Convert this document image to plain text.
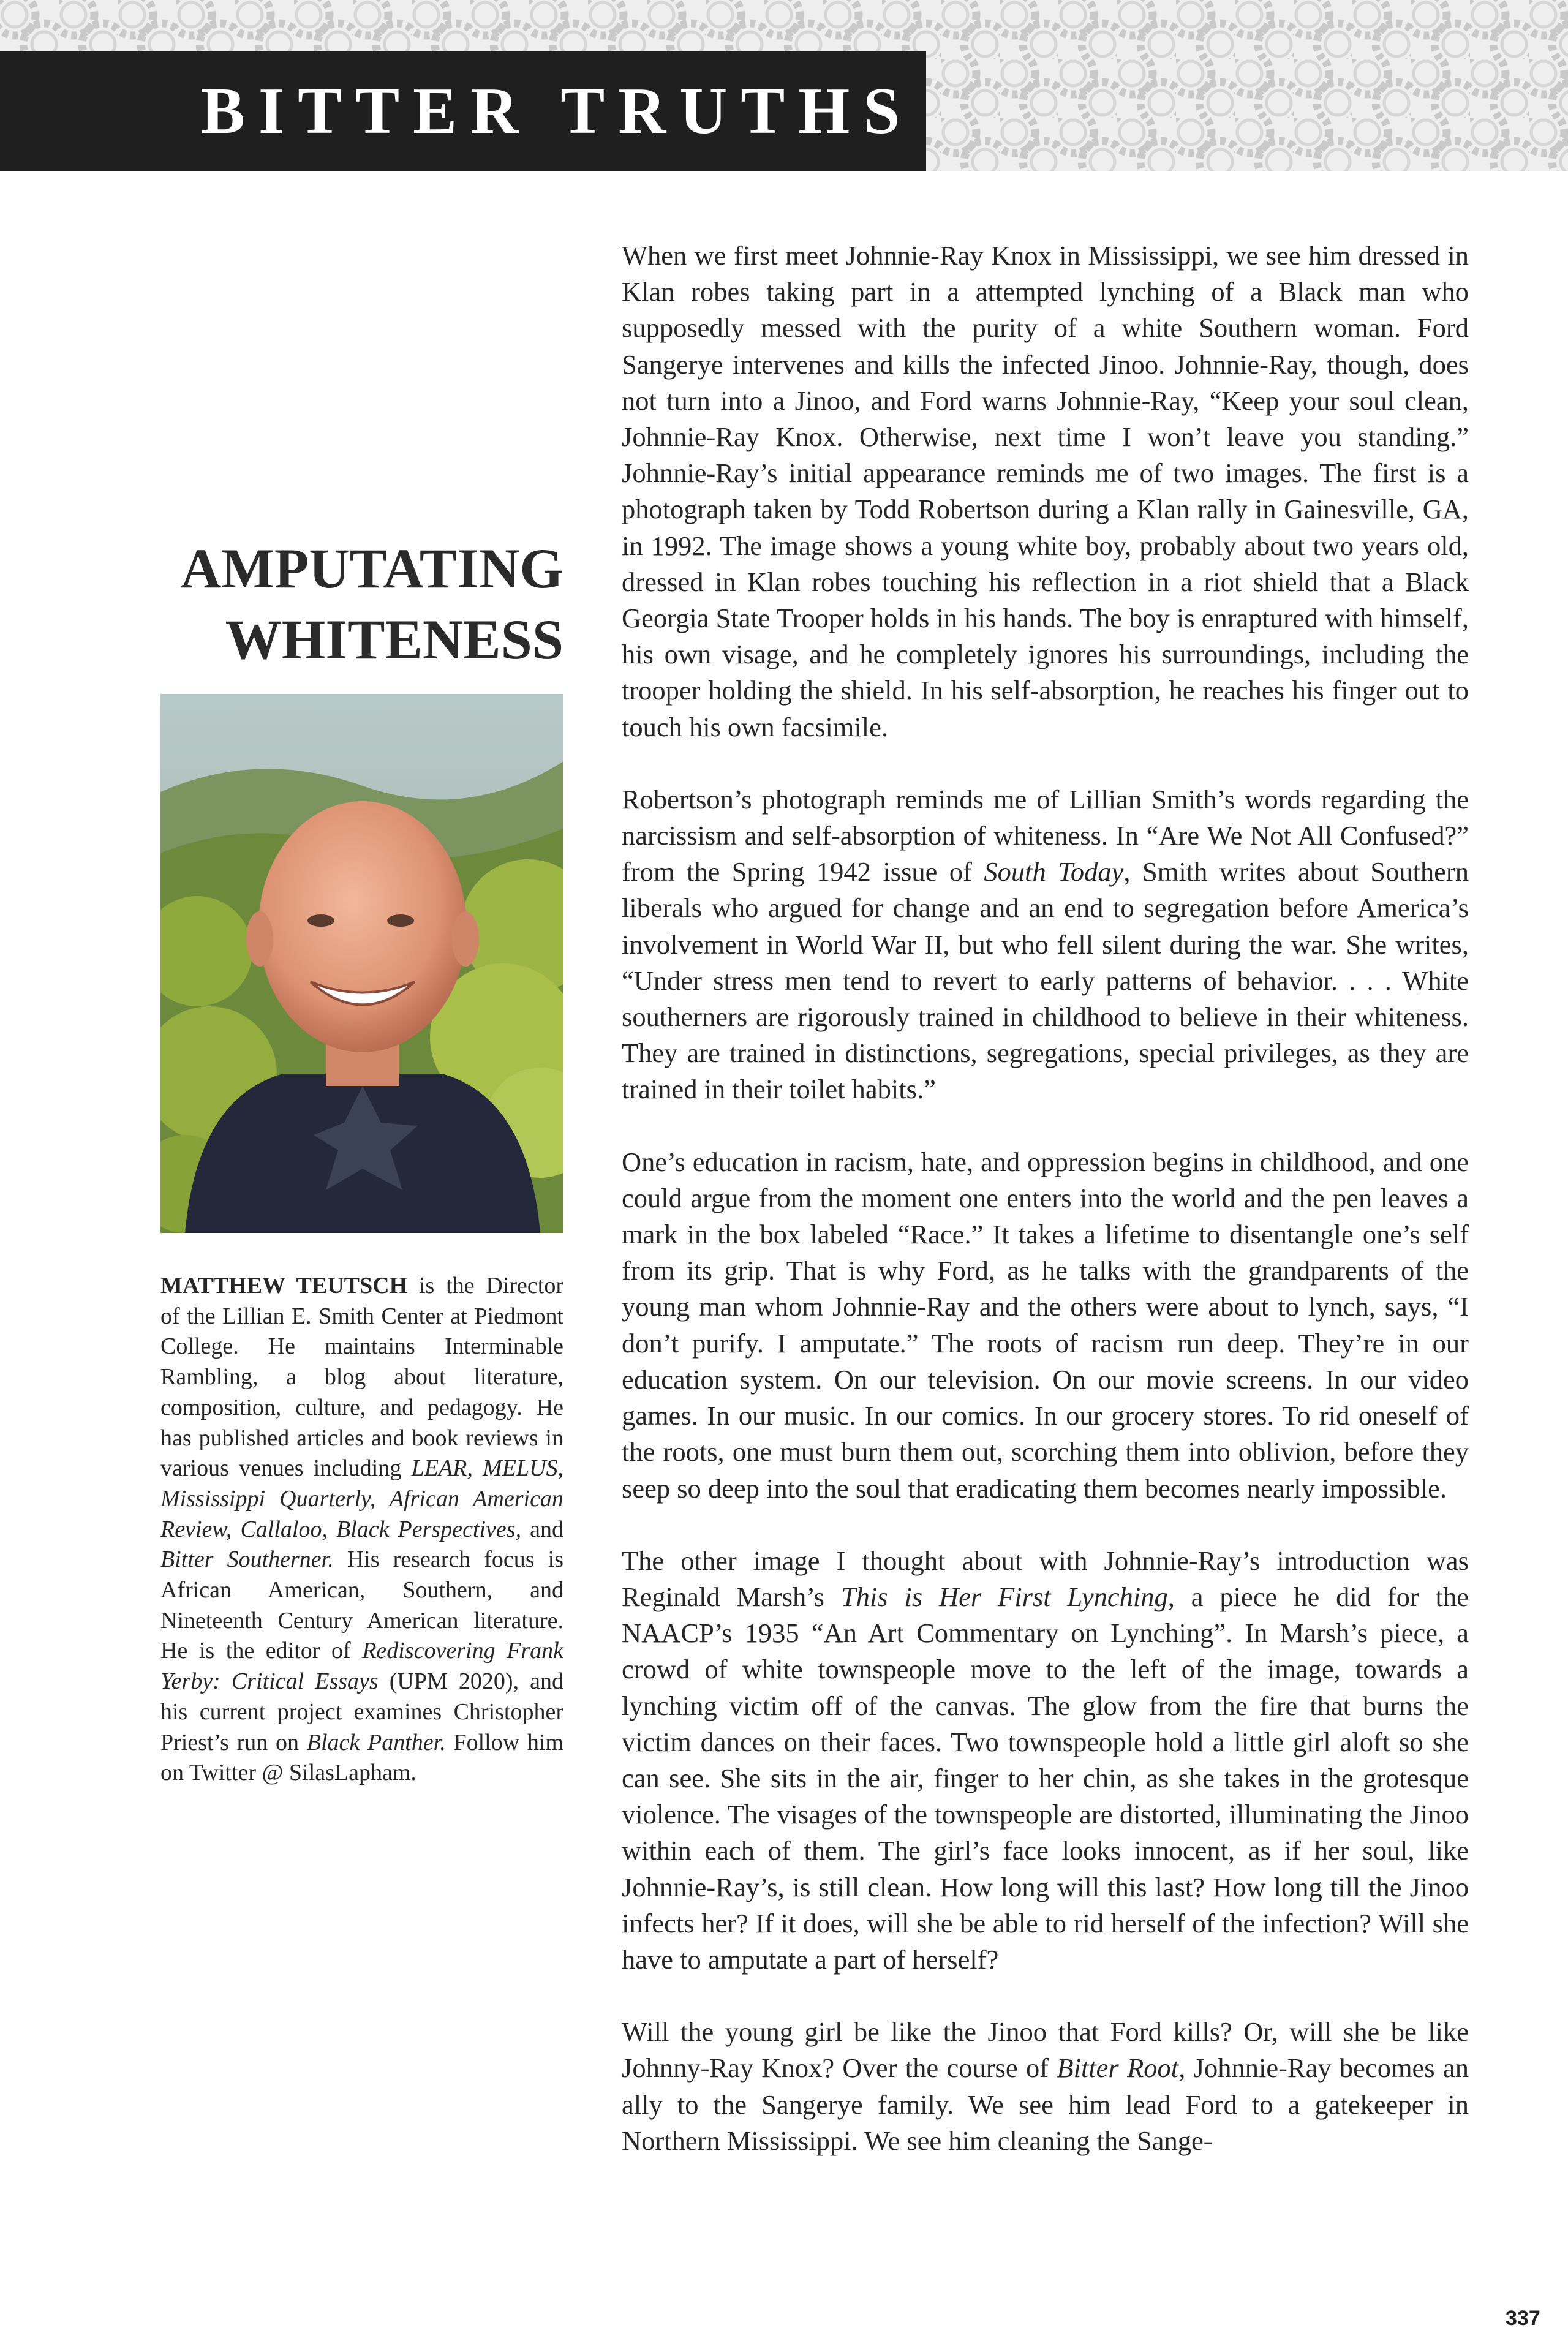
BITTER TRUTHS
AMPUTATING
WHITENESS
MATTHEW TEUTSCH is the Director of the Lillian E. Smith Center at Piedmont College. He maintains Interminable Rambling, a blog about literature, composition, culture, and pedagogy. He has published articles and book reviews in various venues including LEAR, MELUS, Mississippi Quarterly, African American Review, Callaloo, Black Perspectives, and Bitter Southerner. His research focus is African American, Southern, and Nineteenth Century American literature. He is the editor of Rediscovering Frank Yerby: Critical Essays (UPM 2020), and his current project examines Christopher Priest’s run on Black Panther. Follow him on Twitter @ SilasLapham.

When we first meet Johnnie-Ray Knox in Mississippi, we see him dressed in Klan robes taking part in a attempted lynching of a Black man who supposedly messed with the purity of a white Southern woman. Ford Sangerye intervenes and kills the infected Jinoo. Johnnie-Ray, though, does not turn into a Jinoo, and Ford warns Johnnie-Ray, “Keep your soul clean, Johnnie-Ray Knox. Otherwise, next time I won’t leave you standing.” Johnnie-Ray’s initial appearance reminds me of two images. The first is a photograph taken by Todd Robertson during a Klan rally in Gainesville, GA, in 1992. The image shows a young white boy, probably about two years old, dressed in Klan robes touching his reflection in a riot shield that a Black Georgia State Trooper holds in his hands. The boy is enraptured with himself, his own visage, and he completely ignores his surroundings, including the trooper holding the shield. In his self-absorption, he reaches his finger out to touch his own facsimile.

Robertson’s photograph reminds me of Lillian Smith’s words regarding the narcissism and self-absorption of whiteness. In “Are We Not All Confused?” from the Spring 1942 issue of South Today, Smith writes about Southern liberals who argued for change and an end to segregation before America’s involvement in World War II, but who fell silent during the war. She writes, “Under stress men tend to revert to early patterns of behavior. . . . White southerners are rigorously trained in childhood to believe in their whiteness. They are trained in distinctions, segregations, special privileges, as they are trained in their toilet habits.”

One’s education in racism, hate, and oppression begins in childhood, and one could argue from the moment one enters into the world and the pen leaves a mark in the box labeled “Race.” It takes a lifetime to disentangle one’s self from its grip. That is why Ford, as he talks with the grandparents of the young man whom Johnnie-Ray and the others were about to lynch, says, “I don’t purify. I amputate.” The roots of racism run deep. They’re in our education system. On our television. On our movie screens. In our video games. In our music. In our comics. In our grocery stores. To rid oneself of the roots, one must burn them out, scorching them into oblivion, before they seep so deep into the soul that eradicating them becomes nearly impossible.

The other image I thought about with Johnnie-Ray’s introduction was Reginald Marsh’s This is Her First Lynching, a piece he did for the NAACP’s 1935 “An Art Commentary on Lynching”. In Marsh’s piece, a crowd of white townspeople move to the left of the image, towards a lynching victim off of the canvas. The glow from the fire that burns the victim dances on their faces. Two townspeople hold a little girl aloft so she can see. She sits in the air, finger to her chin, as she takes in the grotesque violence. The visages of the townspeople are distorted, illuminating the Jinoo within each of them. The girl’s face looks innocent, as if her soul, like Johnnie-Ray’s, is still clean. How long will this last? How long till the Jinoo infects her? If it does, will she be able to rid herself of the infection? Will she have to amputate a part of herself?

Will the young girl be like the Jinoo that Ford kills? Or, will she be like Johnny-Ray Knox? Over the course of Bitter Root, Johnnie-Ray becomes an ally to the Sangerye family. We see him lead Ford to a gatekeeper in Northern Mississippi. We see him cleaning the Sange-

337
